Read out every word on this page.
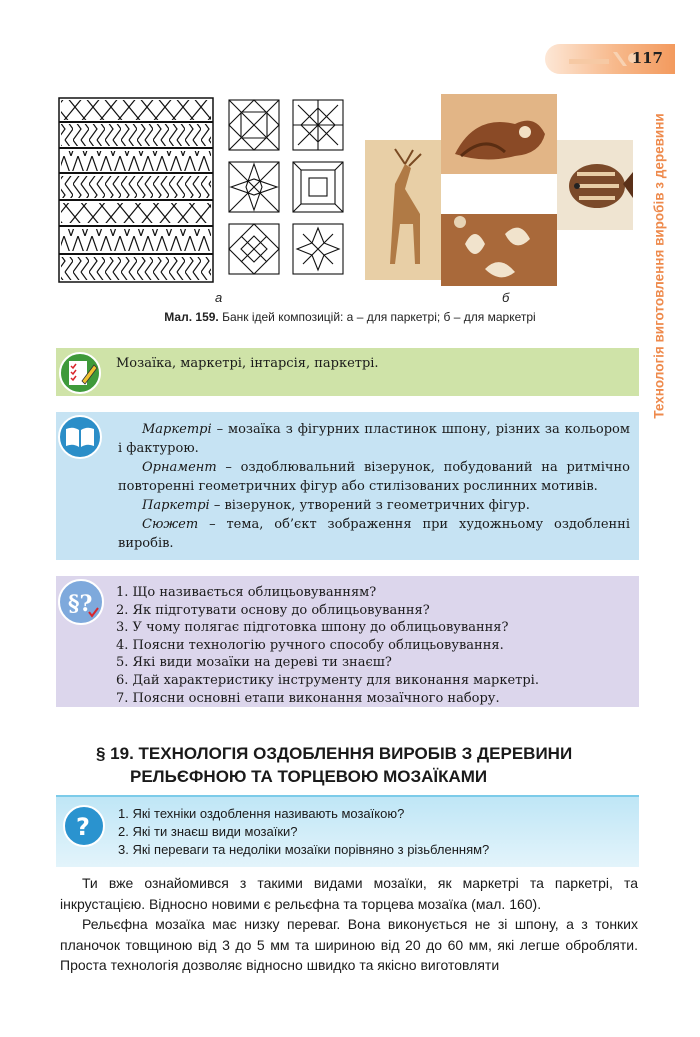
117
Технологія виготовлення виробів з деревини
а	б
Мал. 159. Банк ідей композицій: а – для паркетрі; б – для маркетрі
Мозаїка, маркетрі, інтарсія, паркетрі.

Маркетрі – мозаїка з фігурних пластинок шпону, різних за кольором і фактурою.

Орнамент – оздоблювальний візерунок, побудований на ритмічно повторенні геометричних фігур або стилізованих рослинних мотивів.

Паркетрі – візерунок, утворений з геометричних фігур.

Сюжет – тема, об’єкт зображення при художньому оздобленні виробів.

§? 1. Що називається облицьовуванням?
2. Як підготувати основу до облицьовування?
3. У чому полягає підготовка шпону до облицьовування?
4. Поясни технологію ручного способу облицьовування.
5. Які види мозаїки на дереві ти знаєш?
6. Дай характеристику інструменту для виконання маркетрі.
7. Поясни основні етапи виконання мозаїчного набору.
§ 19. ТЕХНОЛОГІЯ ОЗДОБЛЕННЯ ВИРОБІВ З ДЕРЕВИНИ
РЕЛЬЄФНОЮ ТА ТОРЦЕВОЮ МОЗАЇКАМИ
? 1. Які техніки оздоблення називають мозаїкою?
2. Які ти знаєш види мозаїки?
3. Які переваги та недоліки мозаїки порівняно з різьбленням?

Ти вже ознайомився з такими видами мозаїки, як маркетрі та паркетрі, та інкрустацією. Відносно новими є рельєфна та торцева мозаїка (мал. 160).

Рельєфна мозаїка має низку переваг. Вона виконується не зі шпону, а з тонких планочок товщиною від 3 до 5 мм та шириною від 20 до 60 мм, які легше обробляти. Проста технологія дозволяє відносно швидко та якісно виготовляти
